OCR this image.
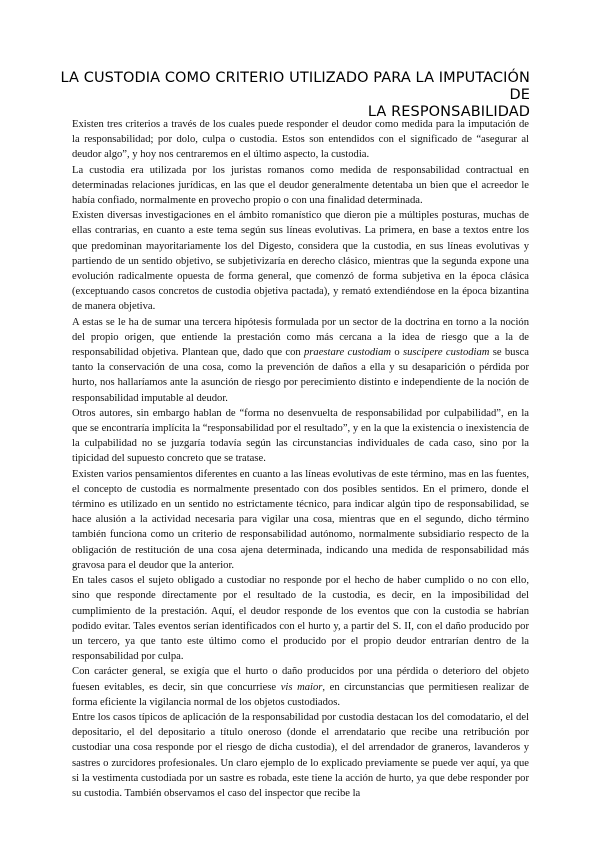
LA CUSTODIA COMO CRITERIO UTILIZADO PARA LA IMPUTACIÓN DE
LA RESPONSABILIDAD

Existen tres criterios a través de los cuales puede responder el deudor como medida para la imputación de la responsabilidad; por dolo, culpa o custodia. Estos son entendidos con el significado de “asegurar al deudor algo”, y hoy nos centraremos en el último aspecto, la custodia.

La custodia era utilizada por los juristas romanos como medida de responsabilidad contractual en determinadas relaciones jurídicas, en las que el deudor generalmente detentaba un bien que el acreedor le había confiado, normalmente en provecho propio o con una finalidad determinada.

Existen diversas investigaciones en el ámbito romanístico que dieron pie a múltiples posturas, muchas de ellas contrarias, en cuanto a este tema según sus líneas evolutivas. La primera, en base a textos entre los que predominan mayoritariamente los del Digesto, considera que la custodia, en sus líneas evolutivas y partiendo de un sentido objetivo, se subjetivizaría en derecho clásico, mientras que la segunda expone una evolución radicalmente opuesta de forma general, que comenzó de forma subjetiva en la época clásica (exceptuando casos concretos de custodia objetiva pactada), y remató extendiéndose en la época bizantina de manera objetiva.

A estas se le ha de sumar una tercera hipótesis formulada por un sector de la doctrina en torno a la noción del propio origen, que entiende la prestación como más cercana a la idea de riesgo que a la de responsabilidad objetiva. Plantean que, dado que con praestare custodiam o suscipere custodiam se busca tanto la conservación de una cosa, como la prevención de daños a ella y su desaparición o pérdida por hurto, nos hallaríamos ante la asunción de riesgo por perecimiento distinto e independiente de la noción de responsabilidad imputable al deudor.

Otros autores, sin embargo hablan de “forma no desenvuelta de responsabilidad por culpabilidad”, en la que se encontraría implícita la “responsabilidad por el resultado”, y en la que la existencia o inexistencia de la culpabilidad no se juzgaría todavía según las circunstancias individuales de cada caso, sino por la tipicidad del supuesto concreto que se tratase.

Existen varios pensamientos diferentes en cuanto a las líneas evolutivas de este término, mas en las fuentes, el concepto de custodia es normalmente presentado con dos posibles sentidos. En el primero, donde el término es utilizado en un sentido no estrictamente técnico, para indicar algún tipo de responsabilidad, se hace alusión a la actividad necesaria para vigilar una cosa, mientras que en el segundo, dicho término también funciona como un criterio de responsabilidad autónomo, normalmente subsidiario respecto de la obligación de restitución de una cosa ajena determinada, indicando una medida de responsabilidad más gravosa para el deudor que la anterior.

En tales casos el sujeto obligado a custodiar no responde por el hecho de haber cumplido o no con ello, sino que responde directamente por el resultado de la custodia, es decir, en la imposibilidad del cumplimiento de la prestación. Aquí, el deudor responde de los eventos que con la custodia se habrían podido evitar. Tales eventos serían identificados con el hurto y, a partir del S. II, con el daño producido por un tercero, ya que tanto este último como el producido por el propio deudor entrarían dentro de la responsabilidad por culpa.

Con carácter general, se exigía que el hurto o daño producidos por una pérdida o deterioro del objeto fuesen evitables, es decir, sin que concurriese vis maior, en circunstancias que permitiesen realizar de forma eficiente la vigilancia normal de los objetos custodiados.

Entre los casos típicos de aplicación de la responsabilidad por custodia destacan los del comodatario, el del depositario, el del depositario a título oneroso (donde el arrendatario que recibe una retribución por custodiar una cosa responde por el riesgo de dicha custodia), el del arrendador de graneros, lavanderos y sastres o zurcidores profesionales. Un claro ejemplo de lo explicado previamente se puede ver aquí, ya que si la vestimenta custodiada por un sastre es robada, este tiene la acción de hurto, ya que debe responder por su custodia. También observamos el caso del inspector que recibe la
